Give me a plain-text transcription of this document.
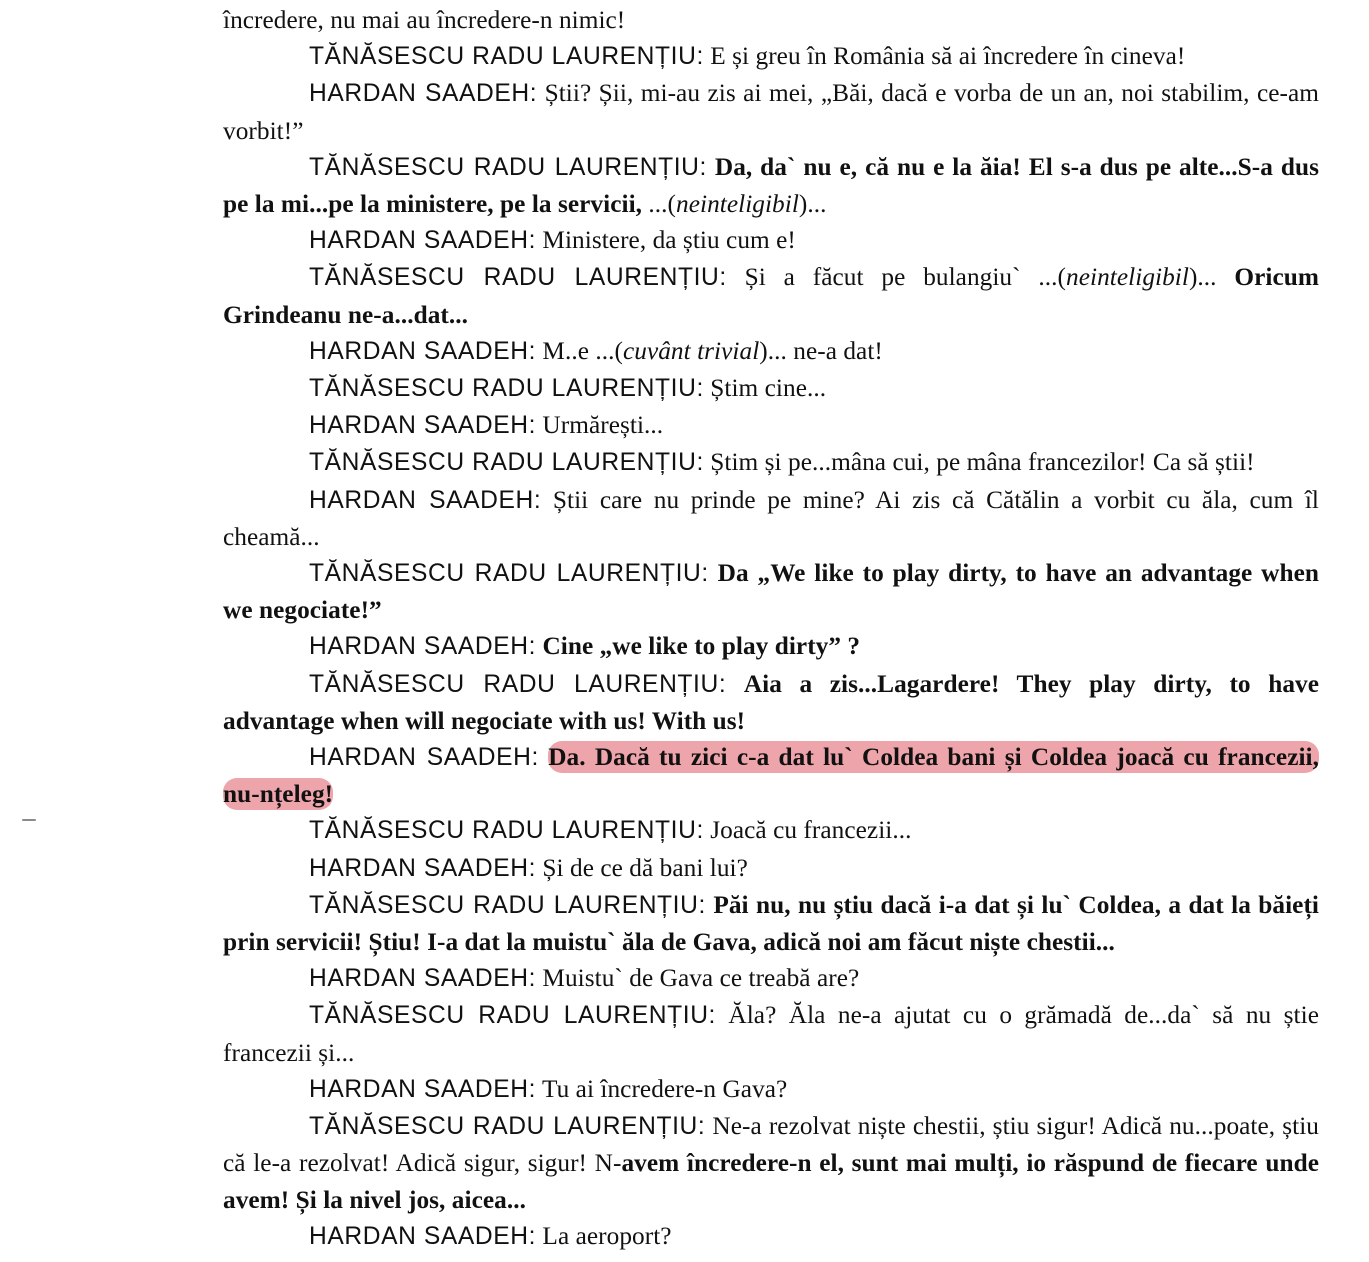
încredere, nu mai au încredere-n nimic!

TĂNĂSESCU RADU LAURENȚIU: E și greu în România să ai încredere în cineva!

HARDAN SAADEH: Știi? Șii, mi-au zis ai mei, „Băi, dacă e vorba de un an, noi stabilim, ce-am vorbit!”

TĂNĂSESCU RADU LAURENȚIU: Da, da` nu e, că nu e la ăia! El s-a dus pe alte...S-a dus pe la mi...pe la ministere, pe la servicii, ...(neinteligibil)...

HARDAN SAADEH: Ministere, da știu cum e!

TĂNĂSESCU RADU LAURENȚIU: Și a făcut pe bulangiu` ...(neinteligibil)... Oricum Grindeanu ne-a...dat...

HARDAN SAADEH: M..e ...(cuvânt trivial)... ne-a dat!

TĂNĂSESCU RADU LAURENȚIU: Știm cine...

HARDAN SAADEH: Urmărești...

TĂNĂSESCU RADU LAURENȚIU: Știm și pe...mâna cui, pe mâna francezilor! Ca să știi!

HARDAN SAADEH: Știi care nu prinde pe mine? Ai zis că Cătălin a vorbit cu ăla, cum îl cheamă...

TĂNĂSESCU RADU LAURENȚIU: Da „We like to play dirty, to have an advantage when we negociate!”

HARDAN SAADEH: Cine „we like to play dirty” ?

TĂNĂSESCU RADU LAURENȚIU: Aia a zis...Lagardere! They play dirty, to have advantage when will negociate with us! With us!

HARDAN SAADEH: Da. Dacă tu zici c-a dat lu` Coldea bani și Coldea joacă cu francezii, nu-nțeleg!

TĂNĂSESCU RADU LAURENȚIU: Joacă cu francezii...

HARDAN SAADEH: Și de ce dă bani lui?

TĂNĂSESCU RADU LAURENȚIU: Păi nu, nu știu dacă i-a dat și lu` Coldea, a dat la băieți prin servicii! Știu! I-a dat la muistu` ăla de Gava, adică noi am făcut niște chestii...

HARDAN SAADEH: Muistu` de Gava ce treabă are?

TĂNĂSESCU RADU LAURENȚIU: Ăla? Ăla ne-a ajutat cu o grămadă de...da` să nu știe francezii și...

HARDAN SAADEH: Tu ai încredere-n Gava?

TĂNĂSESCU RADU LAURENȚIU: Ne-a rezolvat niște chestii, știu sigur! Adică nu...poate, știu că le-a rezolvat! Adică sigur, sigur! N-avem încredere-n el, sunt mai mulți, io răspund de fiecare unde avem! Și la nivel jos, aicea...

HARDAN SAADEH: La aeroport?
